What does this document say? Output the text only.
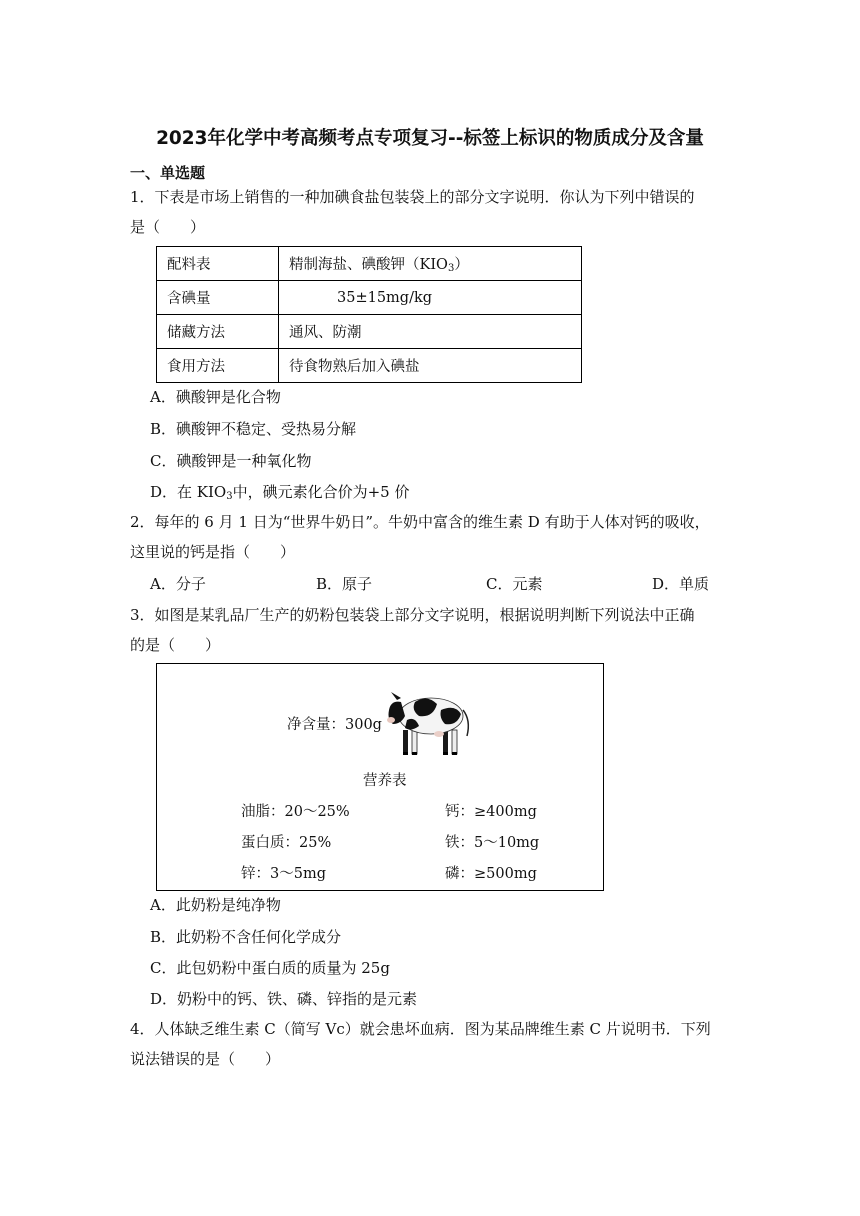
2023年化学中考高频考点专项复习--标签上标识的物质成分及含量
一、单选题
1．下表是市场上销售的一种加碘食盐包装袋上的部分文字说明．你认为下列中错误的
是（　　）
配料表	精制海盐、碘酸钾$(KIO_3)$
含碘量	35±15mg/kg
储藏方法	通风、防潮
食用方法	待食物熟后加入碘盐
A．碘酸钾是化合物
B．碘酸钾不稳定、受热易分解
C．碘酸钾是一种氧化物
D．在 $KIO_3$中，碘元素化合价为+5 价
2．每年的 6 月 1 日为“世界牛奶日”。牛奶中富含的维生素 D 有助于人体对钙的吸收，
这里说的钙是指（　　）
A．分子	B．原子	C．元素	D．单质
3．如图是某乳品厂生产的奶粉包装袋上部分文字说明，根据说明判断下列说法中正确
的是（　　）
净含量：300g
营养表
油脂：20～25%	钙：≥400mg
蛋白质：25%	铁：5～10mg
锌：3～5mg	磷：≥500mg
A．此奶粉是纯净物
B．此奶粉不含任何化学成分
C．此包奶粉中蛋白质的质量为 25g
D．奶粉中的钙、铁、磷、锌指的是元素
4．人体缺乏维生素 C（简写 Vc）就会患坏血病．图为某品牌维生素 C 片说明书．下列
说法错误的是（　　）
